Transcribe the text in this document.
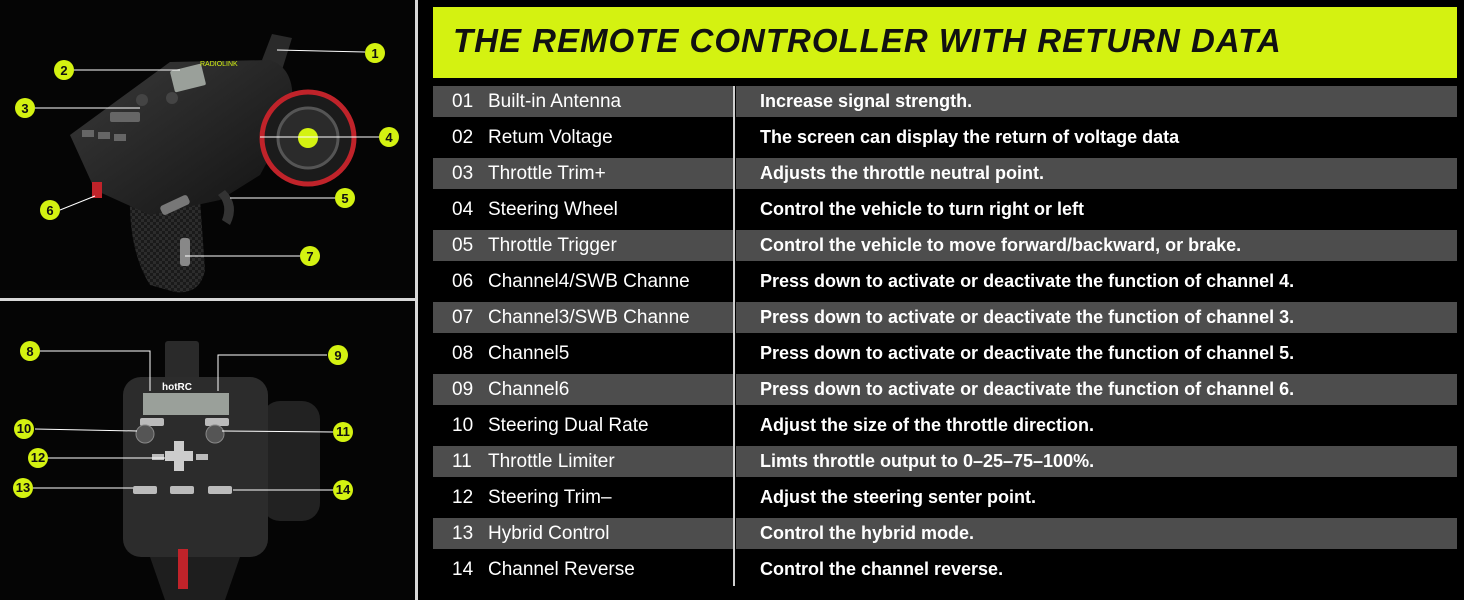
RADIOLINK
1
2
3
4
5
6
7
hotRC
8	9
10	11
12
13	14
THE REMOTE CONTROLLER WITH RETURN DATA
01 Built-in Antenna	Increase signal strength.
02 Retum Voltage	The screen can display the return of voltage data
03 Throttle Trim+	Adjusts the throttle neutral point.
04 Steering Wheel	Control the vehicle to turn right or left
05 Throttle Trigger	Control the vehicle to move forward/backward, or brake.
06 Channel4/SWB Channe	Press down to activate or deactivate the function of channel 4.
07 Channel3/SWB Channe	Press down to activate or deactivate the function of channel 3.
08 Channel5	Press down to activate or deactivate the function of channel 5.
09 Channel6	Press down to activate or deactivate the function of channel 6.
10 Steering Dual Rate	Adjust the size of the throttle direction.
11 Throttle Limiter	Limts throttle output to 0–25–75–100%.
12 Steering Trim–	Adjust the steering senter point.
13 Hybrid Control	Control the hybrid mode.
14 Channel Reverse	Control the channel reverse.
